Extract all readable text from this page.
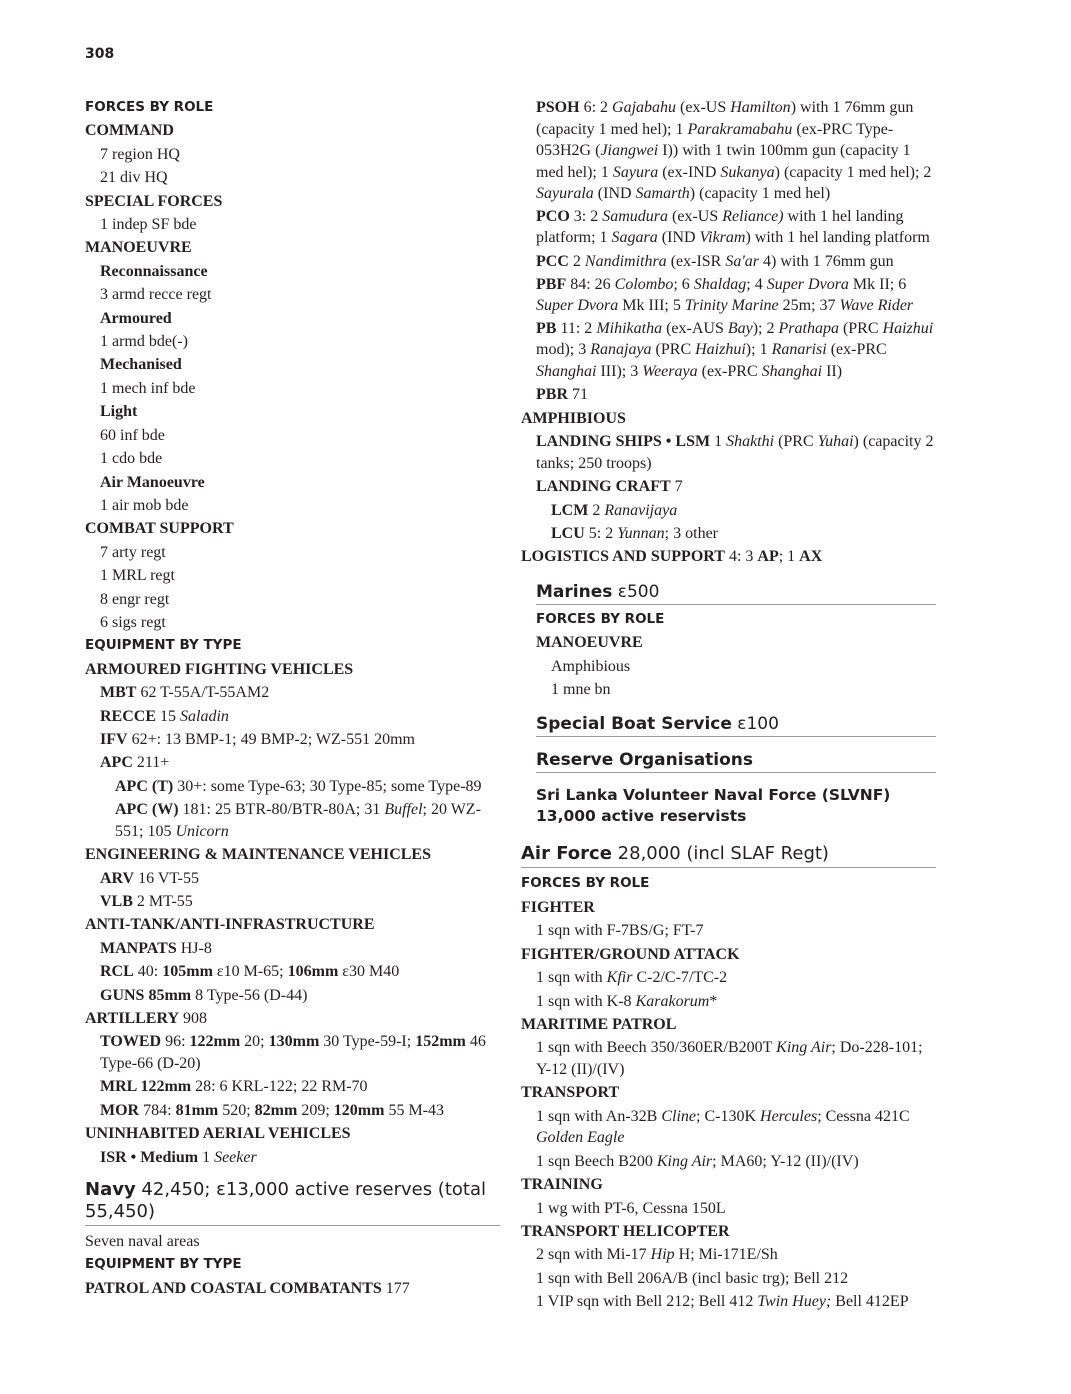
308
FORCES BY ROLE
COMMAND
7 region HQ
21 div HQ
SPECIAL FORCES
1 indep SF bde
MANOEUVRE
Reconnaissance
3 armd recce regt
Armoured
1 armd bde(-)
Mechanised
1 mech inf bde
Light
60 inf bde
1 cdo bde
Air Manoeuvre
1 air mob bde
COMBAT SUPPORT
7 arty regt
1 MRL regt
8 engr regt
6 sigs regt
EQUIPMENT BY TYPE
ARMOURED FIGHTING VEHICLES
MBT 62 T-55A/T-55AM2
RECCE 15 Saladin
IFV 62+: 13 BMP-1; 49 BMP-2; WZ-551 20mm
APC 211+
APC (T) 30+: some Type-63; 30 Type-85; some Type-89
APC (W) 181: 25 BTR-80/BTR-80A; 31 Buffel; 20 WZ-551; 105 Unicorn
ENGINEERING & MAINTENANCE VEHICLES
ARV 16 VT-55
VLB 2 MT-55
ANTI-TANK/ANTI-INFRASTRUCTURE
MANPATS HJ-8
RCL 40: 105mm ε10 M-65; 106mm ε30 M40
GUNS 85mm 8 Type-56 (D-44)
ARTILLERY 908
TOWED 96: 122mm 20; 130mm 30 Type-59-I; 152mm 46 Type-66 (D-20)
MRL 122mm 28: 6 KRL-122; 22 RM-70
MOR 784: 81mm 520; 82mm 209; 120mm 55 M-43
UNINHABITED AERIAL VEHICLES
ISR • Medium 1 Seeker
Navy 42,450; ε13,000 active reserves (total 55,450)
Seven naval areas
EQUIPMENT BY TYPE
PATROL AND COASTAL COMBATANTS 177
PSOH 6: 2 Gajabahu (ex-US Hamilton) with 1 76mm gun (capacity 1 med hel); 1 Parakramabahu (ex-PRC Type-053H2G (Jiangwei I)) with 1 twin 100mm gun (capacity 1 med hel); 1 Sayura (ex-IND Sukanya) (capacity 1 med hel); 2 Sayurala (IND Samarth) (capacity 1 med hel)
PCO 3: 2 Samudura (ex-US Reliance) with 1 hel landing platform; 1 Sagara (IND Vikram) with 1 hel landing platform
PCC 2 Nandimithra (ex-ISR Sa'ar 4) with 1 76mm gun
PBF 84: 26 Colombo; 6 Shaldag; 4 Super Dvora Mk II; 6 Super Dvora Mk III; 5 Trinity Marine 25m; 37 Wave Rider
PB 11: 2 Mihikatha (ex-AUS Bay); 2 Prathapa (PRC Haizhui mod); 3 Ranajaya (PRC Haizhui); 1 Ranarisi (ex-PRC Shanghai III); 3 Weeraya (ex-PRC Shanghai II)
PBR 71
AMPHIBIOUS
LANDING SHIPS • LSM 1 Shakthi (PRC Yuhai) (capacity 2 tanks; 250 troops)
LANDING CRAFT 7
LCM 2 Ranavijaya
LCU 5: 2 Yunnan; 3 other
LOGISTICS AND SUPPORT 4: 3 AP; 1 AX
Marines ε500
FORCES BY ROLE
MANOEUVRE
Amphibious
1 mne bn
Special Boat Service ε100
Reserve Organisations
Sri Lanka Volunteer Naval Force (SLVNF) 13,000 active reservists
Air Force 28,000 (incl SLAF Regt)
FORCES BY ROLE
FIGHTER
1 sqn with F-7BS/G; FT-7
FIGHTER/GROUND ATTACK
1 sqn with Kfir C-2/C-7/TC-2
1 sqn with K-8 Karakorum*
MARITIME PATROL
1 sqn with Beech 350/360ER/B200T King Air; Do-228-101; Y-12 (II)/(IV)
TRANSPORT
1 sqn with An-32B Cline; C-130K Hercules; Cessna 421C Golden Eagle
1 sqn Beech B200 King Air; MA60; Y-12 (II)/(IV)
TRAINING
1 wg with PT-6, Cessna 150L
TRANSPORT HELICOPTER
2 sqn with Mi-17 Hip H; Mi-171E/Sh
1 sqn with Bell 206A/B (incl basic trg); Bell 212
1 VIP sqn with Bell 212; Bell 412 Twin Huey; Bell 412EP
